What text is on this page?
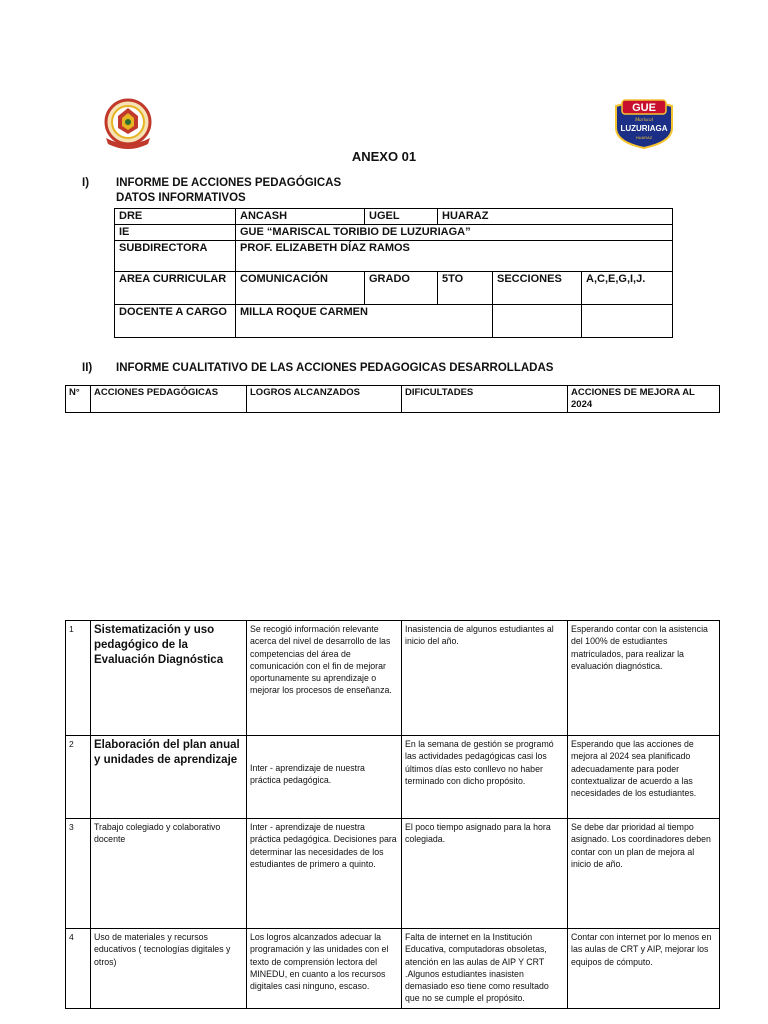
GUE
Mariscal
LUZURIAGA
HUARAZ
ANEXO 01
I) INFORME DE ACCIONES PEDAGÓGICAS
DATOS INFORMATIVOS
DRE	ANCASH	UGEL	HUARAZ		
IE	GUE “MARISCAL TORIBIO DE LUZURIAGA”				
SUBDIRECTORA	PROF. ELIZABETH DÍAZ RAMOS				
AREA CURRICULAR	COMUNICACIÓN	GRADO	5TO	SECCIONES	A,C,E,G,I,J.
DOCENTE A CARGO	MILLA ROQUE CARMEN				
II) INFORME CUALITATIVO DE LAS ACCIONES PEDAGOGICAS DESARROLLADAS
N°	ACCIONES PEDAGÓGICAS	LOGROS ALCANZADOS	DIFICULTADES	ACCIONES DE MEJORA AL 2024
1	Sistematización y uso pedagógico de la Evaluación Diagnóstica	Se recogió información relevante acerca del nivel de desarrollo de las competencias del área de comunicación con el fin de mejorar oportunamente su aprendizaje o mejorar los procesos de enseñanza.	Inasistencia de algunos estudiantes al inicio del año.	Esperando contar con la asistencia del 100% de estudiantes matriculados, para realizar la evaluación diagnóstica.
2	Elaboración del plan anual y unidades de aprendizaje	Inter - aprendizaje de nuestra práctica pedagógica.	En la semana de gestión se programó las actividades pedagógicas casi los últimos días esto conllevo no haber terminado con dicho propósito.	Esperando que las acciones de mejora al 2024 sea planificado adecuadamente para poder contextualizar de acuerdo a las necesidades de los estudiantes.
3	Trabajo colegiado y colaborativo docente	Inter - aprendizaje de nuestra práctica pedagógica. Decisiones para determinar las necesidades de los estudiantes de primero a quinto.	El poco tiempo asignado para la hora colegiada.	Se debe dar prioridad al tiempo asignado. Los coordinadores deben contar con un plan de mejora al inicio de año.
4	Uso de materiales y recursos educativos ( tecnologías digitales y otros)	Los logros alcanzados adecuar la programación y las unidades con el texto de comprensión lectora del MINEDU, en cuanto a los recursos digitales casi ninguno, escaso.	Falta de internet en la Institución Educativa, computadoras obsoletas, atención en las aulas de AIP Y CRT .Algunos estudiantes inasisten demasiado eso tiene como resultado que no se cumple el propósito.	Contar con internet por lo menos en las aulas de CRT y AIP, mejorar los equipos de cómputo.
